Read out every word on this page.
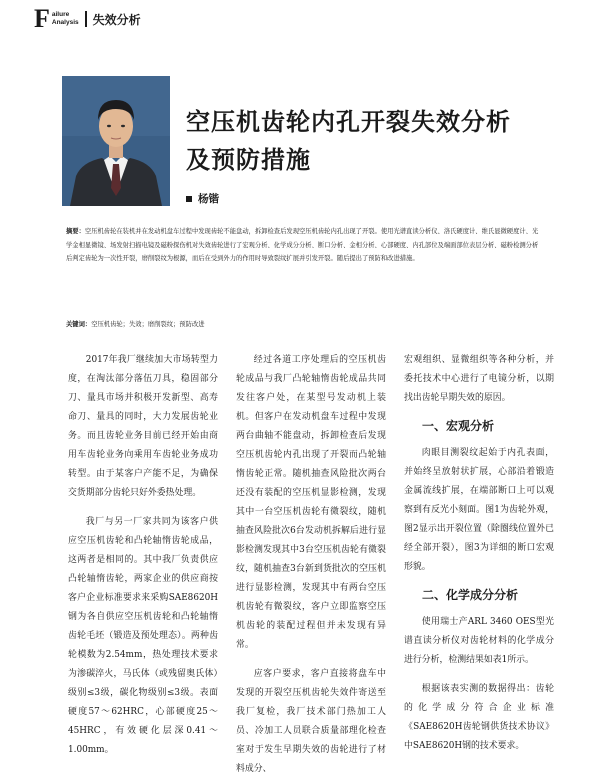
F ailure
Analysis 失效分析
空压机齿轮内孔开裂失效分析
及预防措施
杨锴
摘要：空压机齿轮在装机并在发动机盘车过程中发现齿轮不能盘动，拆卸检查后发现空压机齿轮内孔出现了开裂。使用光谱直读分析仪、洛氏硬度计、维氏显微硬度计、光学金相显微镜、场发射扫描电镜及磁粉探伤机对失效齿轮进行了宏观分析、化学成分分析、断口分析、金相分析、心部硬度、内孔部位及端面部位表层分析、磁粉检测分析后判定齿轮为一次性开裂，磨削裂纹为根源，而后在受到外力的作用时导致裂纹扩展并引发开裂。随后提出了预防和改进措施。
关键词：空压机齿轮；失效；磨削裂纹；预防改进

2017年我厂继续加大市场转型力度，在淘汰部分落伍刀具，稳固部分刀、量具市场并积极开发新型、高寿命刀、量具的同时，大力发展齿轮业务。而且齿轮业务目前已经开始由商用车齿轮业务向乘用车齿轮业务成功转型。由于某客户产能不足，为确保交货期部分齿轮只好外委热处理。

我厂与另一厂家共同为该客户供应空压机齿轮和凸轮轴惰齿轮成品，这两者是相同的。其中我厂负责供应凸轮轴惰齿轮，两家企业的供应商按客户企业标准要求来采购SAE8620H钢为各自供应空压机齿轮和凸轮轴惰齿轮毛坯（锻造及预处理态）。两种齿轮模数为2.54mm，热处理技术要求为渗碳淬火，马氏体（或残留奥氏体）级别≤3级，碳化物级别≤3级。表面硬度57～62HRC，心部硬度25～45HRC，有效硬化层深0.41～1.00mm。

经过各道工序处理后的空压机齿轮成品与我厂凸轮轴惰齿轮成品共同发往客户处，在某型号发动机上装机。但客户在发动机盘车过程中发现两台曲轴不能盘动，拆卸检查后发现空压机齿轮内孔出现了开裂而凸轮轴惰齿轮正常。随机抽查风险批次两台还没有装配的空压机显影检测，发现其中一台空压机齿轮有微裂纹，随机抽查风险批次6台发动机拆解后进行显影检测发现其中3台空压机齿轮有微裂纹，随机抽查3台新到货批次的空压机进行显影检测，发现其中有两台空压机齿轮有微裂纹，客户立即监察空压机齿轮的装配过程但并未发现有异常。

应客户要求，客户直接将盘车中发现的开裂空压机齿轮失效件寄送至我厂复检，我厂技术部门热加工人员、冷加工人员联合质量部理化检查室对于发生早期失效的齿轮进行了材料成分、

宏观组织、显微组织等各种分析，并委托技术中心进行了电镜分析，以期找出齿轮早期失效的原因。

一、宏观分析

肉眼目测裂纹起始于内孔表面，并始终呈放射状扩展，心部沿着锻造金属流线扩展，在端部断口上可以观察到有反光小刻面。图1为齿轮外观，图2显示出开裂位置（除圈线位置外已经全部开裂），图3为详细的断口宏观形貌。

二、化学成分分析

使用瑞士产ARL 3460 OES型光谱直读分析仪对齿轮材料的化学成分进行分析，检测结果如表1所示。

根据该表实测的数据得出：齿轮的化学成分符合企业标准《SAE8620H齿轮钢供货技术协议》中SAE8620H钢的技术要求。
